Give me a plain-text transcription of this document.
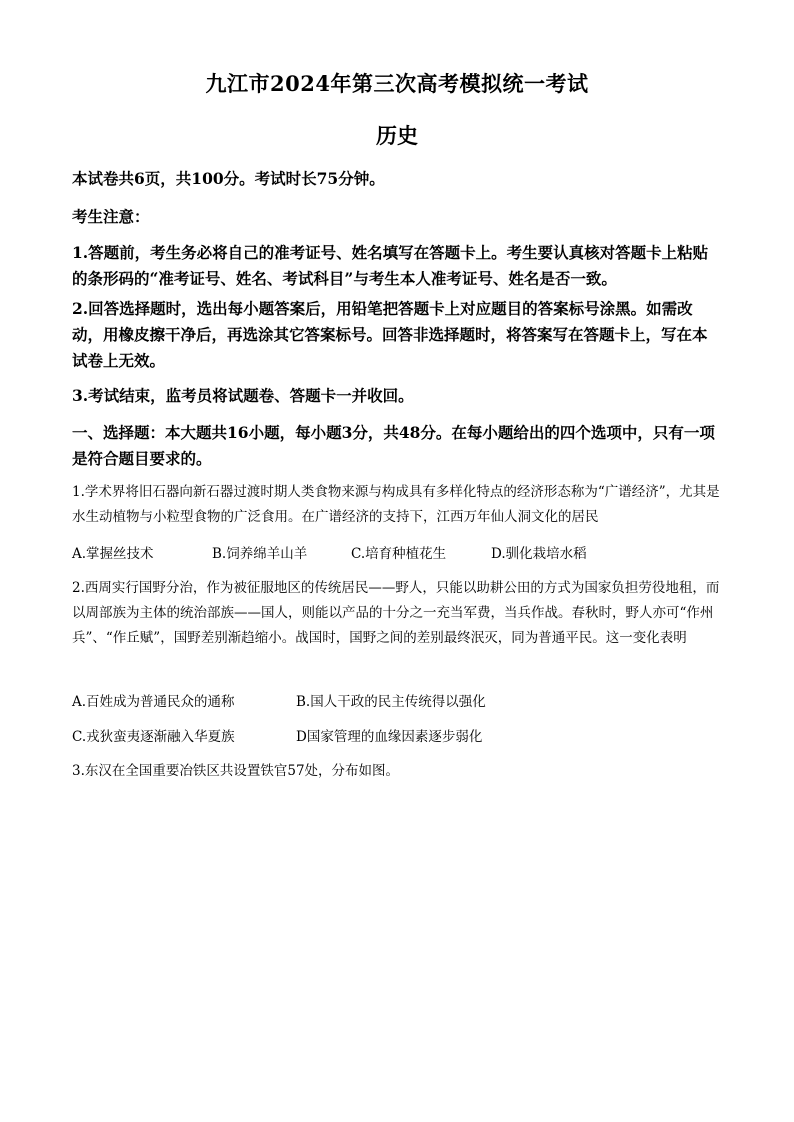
九江市2024年第三次高考模拟统一考试
历史
本试卷共6页，共100分。考试时长75分钟。
考生注意：
1.答题前，考生务必将自己的准考证号、姓名填写在答题卡上。考生要认真核对答题卡上粘贴的条形码的“准考证号、姓名、考试科目”与考生本人准考证号、姓名是否一致。
2.回答选择题时，选出每小题答案后，用铅笔把答题卡上对应题目的答案标号涂黑。如需改动，用橡皮擦干净后，再选涂其它答案标号。回答非选择题时，将答案写在答题卡上，写在本试卷上无效。
3.考试结束，监考员将试题卷、答题卡一并收回。
一、选择题：本大题共16小题，每小题3分，共48分。在每小题给出的四个选项中，只有一项是符合题目要求的。
1.学术界将旧石器向新石器过渡时期人类食物来源与构成具有多样化特点的经济形态称为“广谱经济”，尤其是水生动植物与小粒型食物的广泛食用。在广谱经济的支持下，江西万年仙人洞文化的居民
A.掌握丝技术	B.饲养绵羊山羊	C.培育种植花生	D.驯化栽培水稻
2.西周实行国野分治，作为被征服地区的传统居民——野人，只能以助耕公田的方式为国家负担劳役地租，而以周部族为主体的统治部族——国人，则能以产品的十分之一充当军费，当兵作战。春秋时，野人亦可“作州兵”、“作丘赋”，国野差别渐趋缩小。战国时，国野之间的差别最终泯灭，同为普通平民。这一变化表明
A.百姓成为普通民众的通称	B.国人干政的民主传统得以强化
C.戎狄蛮夷逐渐融入华夏族	D国家管理的血缘因素逐步弱化
3.东汉在全国重要冶铁区共设置铁官57处，分布如图。
